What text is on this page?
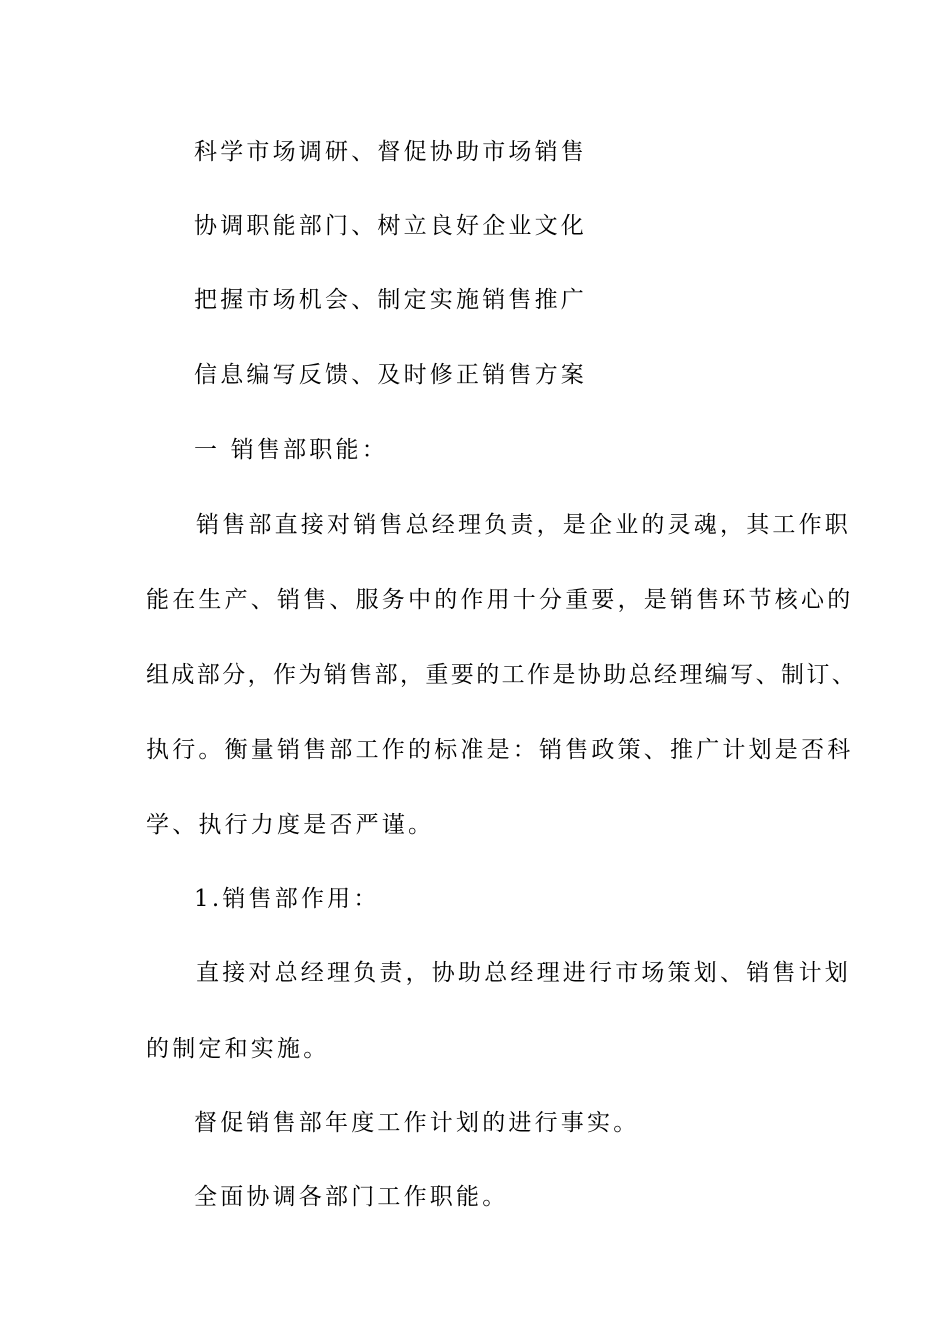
科学市场调研、督促协助市场销售
协调职能部门、树立良好企业文化
把握市场机会、制定实施销售推广
信息编写反馈、及时修正销售方案
一 销售部职能：
销售部直接对销售总经理负责，是企业的灵魂，其工作职
能在生产、销售、服务中的作用十分重要，是销售环节核心的
组成部分，作为销售部，重要的工作是协助总经理编写、制订、
执行。衡量销售部工作的标准是：销售政策、推广计划是否科
学、执行力度是否严谨。
1.销售部作用：
直接对总经理负责，协助总经理进行市场策划、销售计划
的制定和实施。
督促销售部年度工作计划的进行事实。
全面协调各部门工作职能。
